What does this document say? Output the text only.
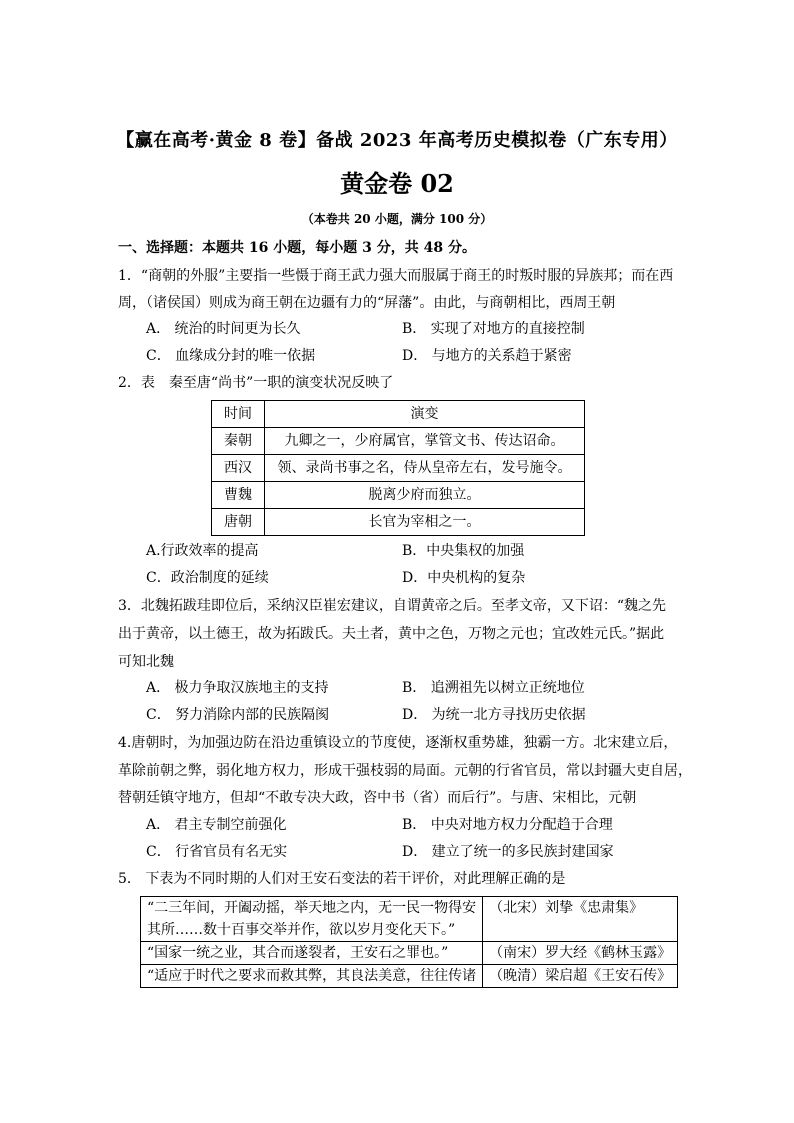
【赢在高考·黄金 8 卷】备战 2023 年高考历史模拟卷（广东专用）
黄金卷 02
（本卷共 20 小题，满分 100 分）
一、选择题：本题共 16 小题，每小题 3 分，共 48 分。
1．“商朝的外服”主要指一些慑于商王武力强大而服属于商王的时叛时服的异族邦；而在西
周，（诸侯国）则成为商王朝在边疆有力的“屏藩”。由此，与商朝相比，西周王朝
A． 统治的时间更为长久	B． 实现了对地方的直接控制
C． 血缘成分封的唯一依据	D． 与地方的关系趋于紧密
2．表　秦至唐“尚书”一职的演变状况反映了
时间	演变
秦朝	九卿之一，少府属官，掌管文书、传达诏命。
西汉	领、录尚书事之名，侍从皇帝左右，发号施令。
曹魏	脱离少府而独立。
唐朝	长官为宰相之一。
A.行政效率的提高	B．中央集权的加强
C．政治制度的延续	D．中央机构的复杂
3．北魏拓跋珪即位后，采纳汉臣崔宏建议，自谓黄帝之后。至孝文帝，又下诏：“魏之先
出于黄帝，以土德王，故为拓跋氏。夫土者，黄中之色，万物之元也；宜改姓元氏。”据此
可知北魏
A． 极力争取汉族地主的支持	B． 追溯祖先以树立正统地位
C． 努力消除内部的民族隔阂	D． 为统一北方寻找历史依据
4.唐朝时，为加强边防在沿边重镇设立的节度使，逐渐权重势雄，独霸一方。北宋建立后，
革除前朝之弊，弱化地方权力，形成干强枝弱的局面。元朝的行省官员，常以封疆大吏自居，
替朝廷镇守地方，但却“不敢专决大政，咨中书（省）而后行”。与唐、宋相比，元朝
A． 君主专制空前强化	B． 中央对地方权力分配趋于合理
C． 行省官员有名无实	D． 建立了统一的多民族封建国家
5． 下表为不同时期的人们对王安石变法的若干评价，对此理解正确的是
“二三年间，开阖动摇，举天地之内，无一民一物得安其所……数十百事交举并作，欲以岁月变化天下。”	（北宋）刘挚《忠肃集》
“国家一统之业，其合而遂裂者，王安石之罪也。”	（南宋）罗大经《鹤林玉露》
“适应于时代之要求而救其弊，其良法美意，往往传诸	（晚清）梁启超《王安石传》
